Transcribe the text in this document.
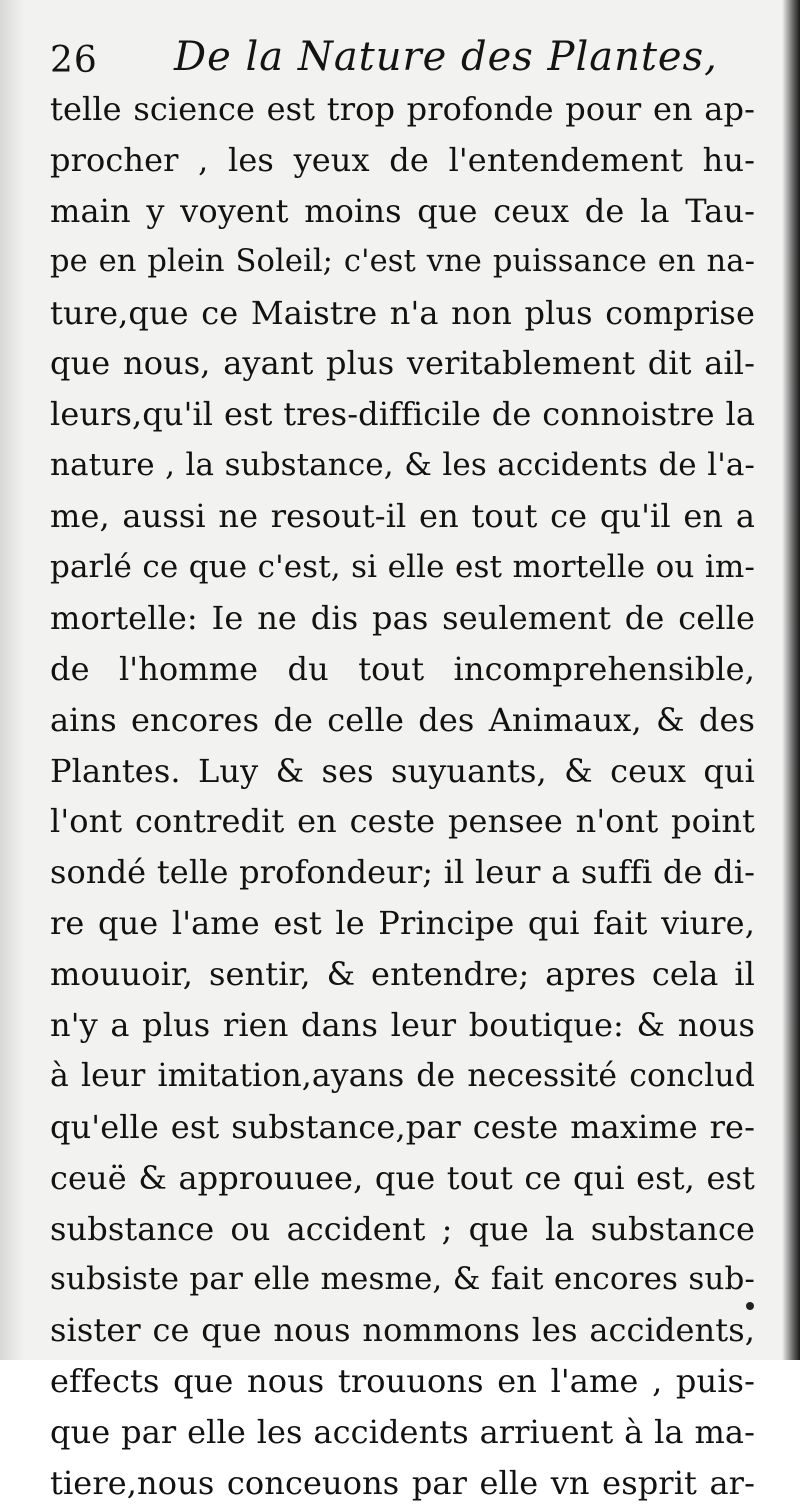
26 De la Nature des Plantes,
telle science est trop profonde pour en ap-
procher , les yeux de l'entendement hu-
main y voyent moins que ceux de la Tau-
pe en plein Soleil; c'est vne puissance en na-
ture,que ce Maistre n'a non plus comprise
que nous, ayant plus veritablement dit ail-
leurs,qu'il est tres-difficile de connoistre la
nature , la substance, & les accidents de l'a-
me, aussi ne resout-il en tout ce qu'il en a
parlé ce que c'est, si elle est mortelle ou im-
mortelle: Ie ne dis pas seulement de celle
de l'homme du tout incomprehensible,
ains encores de celle des Animaux, & des
Plantes. Luy & ses suyuants, & ceux qui
l'ont contredit en ceste pensee n'ont point
sondé telle profondeur; il leur a suffi de di-
re que l'ame est le Principe qui fait viure,
mouuoir, sentir, & entendre; apres cela il
n'y a plus rien dans leur boutique: & nous
à leur imitation,ayans de necessité conclud
qu'elle est substance,par ceste maxime re-
ceuë & approuuee, que tout ce qui est, est
substance ou accident ; que la substance
subsiste par elle mesme, & fait encores sub-
sister ce que nous nommons les accidents,
effects que nous trouuons en l'ame , puis-
que par elle les accidents arriuent à la ma-
tiere,nous conceuons par elle vn esprit ar-
